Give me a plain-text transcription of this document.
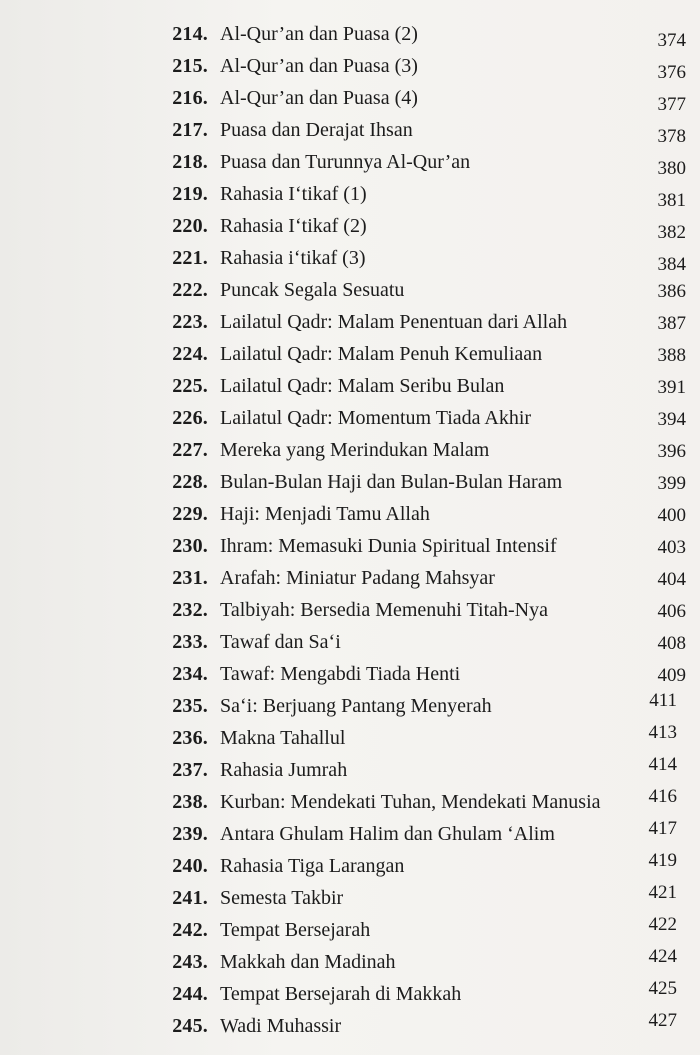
214. Al-Qur’an dan Puasa (2)	374
215. Al-Qur’an dan Puasa (3)	376
216. Al-Qur’an dan Puasa (4)	377
217. Puasa dan Derajat Ihsan	378
218. Puasa dan Turunnya Al-Qur’an	380
219. Rahasia I‘tikaf (1)	381
220. Rahasia I‘tikaf (2)	382
221. Rahasia i‘tikaf (3)	384
222. Puncak Segala Sesuatu	386
223. Lailatul Qadr: Malam Penentuan dari Allah	387
224. Lailatul Qadr: Malam Penuh Kemuliaan	388
225. Lailatul Qadr: Malam Seribu Bulan	391
226. Lailatul Qadr: Momentum Tiada Akhir	394
227. Mereka yang Merindukan Malam	396
228. Bulan-Bulan Haji dan Bulan-Bulan Haram	399
229. Haji: Menjadi Tamu Allah	400
230. Ihram: Memasuki Dunia Spiritual Intensif	403
231. Arafah: Miniatur Padang Mahsyar	404
232. Talbiyah: Bersedia Memenuhi Titah-Nya	406
233. Tawaf dan Sa‘i	408
234. Tawaf: Mengabdi Tiada Henti	409
235. Sa‘i: Berjuang Pantang Menyerah	411
236. Makna Tahallul	413
237. Rahasia Jumrah	414
238. Kurban: Mendekati Tuhan, Mendekati Manusia	416
239. Antara Ghulam Halim dan Ghulam ‘Alim	417
240. Rahasia Tiga Larangan	419
241. Semesta Takbir	421
242. Tempat Bersejarah	422
243. Makkah dan Madinah	424
244. Tempat Bersejarah di Makkah	425
245. Wadi Muhassir	427
